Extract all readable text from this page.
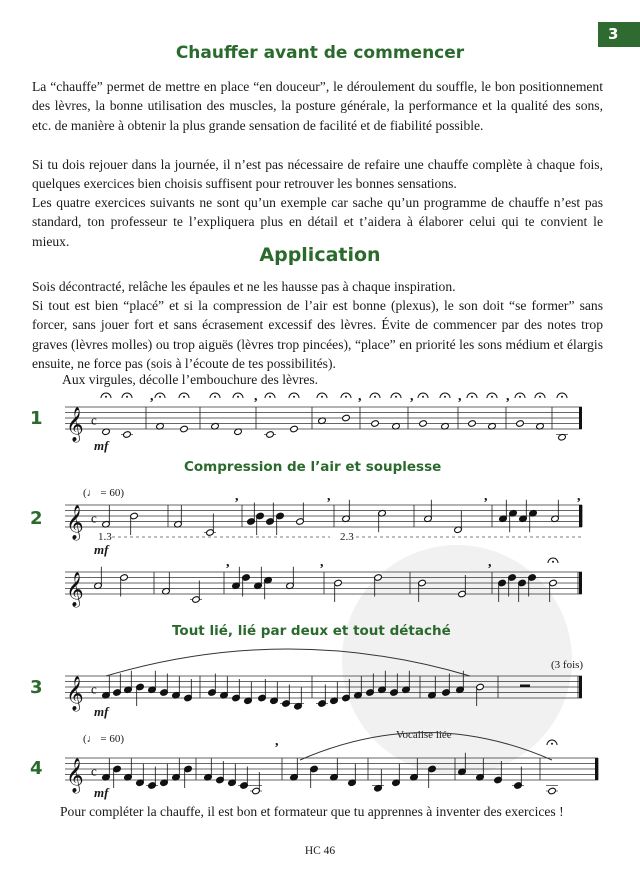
3
Chauffer avant de commencer

La “chauffe” permet de mettre en place “en douceur”, le déroulement du souffle, le bon positionnement des lèvres, la bonne utilisation des muscles, la posture générale, la performance et la qualité des sons, etc. de manière à obtenir la plus grande sensation de facilité et de fiabilité possible.

Si tu dois rejouer dans la journée, il n’est pas nécessaire de refaire une chauffe complète à chaque fois, quelques exercices bien choisis suffisent pour retrouver les bonnes sensations.

Les quatre exercices suivants ne sont qu’un exemple car sache qu’un programme de chauffe n’est pas standard, ton professeur te l’expliquera plus en détail et t’aidera à élaborer celui qui te convient le mieux.

Application

Sois décontracté, relâche les épaules et ne les hausse pas à chaque inspiration.

Si tout est bien “placé” et si la compression de l’air est bonne (plexus), le son doit “se former” sans forcer, sans jouer fort et sans écrasement excessif des lèvres. Évite de commencer par des notes trop graves (lèvres molles) ou trop aiguës (lèvres trop pincées), “place” en priorité les sons médium et élargis ensuite, ne force pas (sois à l’écoute de tes possibilités).

Aux virgules, décolle l’embouchure des lèvres.
1
mf
Compression de l’air et souplesse
(♩ = 60)
2
1.3	2.3
mf
Tout lié, lié par deux et tout détaché
(3 fois)
3
mf
(♩ = 60)	Vocalise liée
4
mf
Pour compléter la chauffe, il est bon et formateur que tu apprennes à inventer des exercices !
HC 46
𝄞 c
𝄞 c
𝄞
𝄞 c
𝄞 c
,	,	,	,	,	,
,	,	,	,
,	,	,
,
